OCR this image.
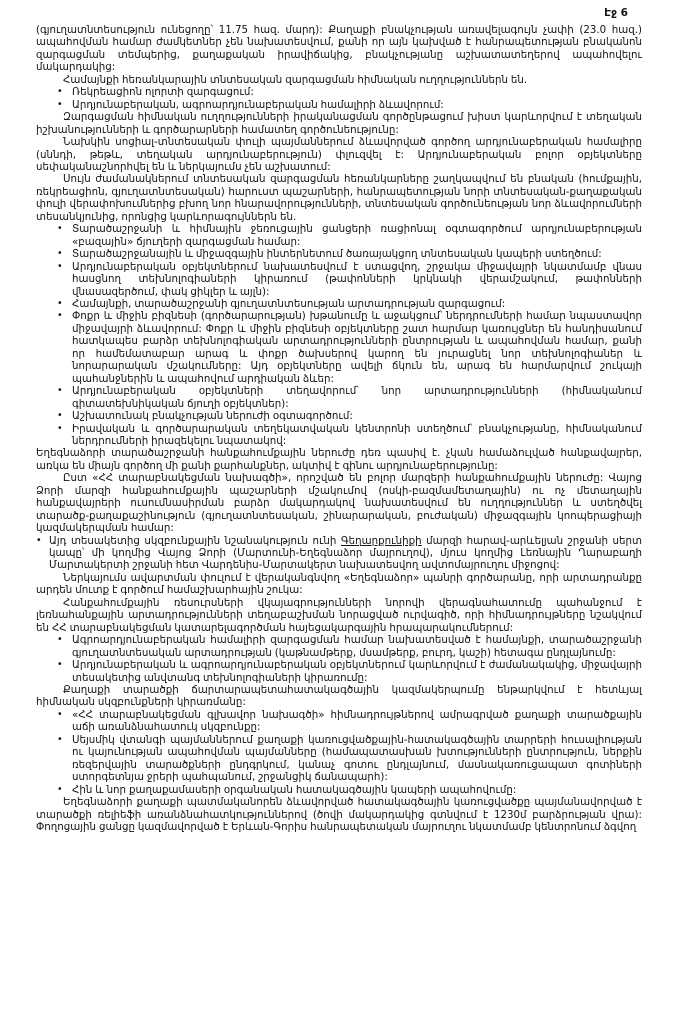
Էջ 6

(գյուղատնտեսություն ունեցողը՝ 11.75 հազ. մարդ): Քաղաքի բնակչության առավելագույն չափի (23.0 հազ.) ապահովման համար ժամկետներ չեն նախատեսվում, քանի որ այն կախված է հանրապետության բնականոն զարգացման տեմպերից, քաղաքական իրավիճակից, բնակչությանը աշխատատեղերով ապահովելու մակարդակից:

Համայնքի հեռանկարային տնտեսական զարգացման հիմնական ուղղություններն են.

• Ռեկրեացիոն ոլորտի զարգացում:
• Արդյունաբերական, ագրոարդյունաբերական համալիրի ձևավորում:

Զարգացման հիմնական ուղղությունների իրականացման գործընթացում խիստ կարևորվում է տեղական իշխանությունների և գործարարների համատեղ գործունեությունը:

Նախկին սոցիալ-տնտեսական փուլի պայմաններում ձևավորված գործող արդյունաբերական համալիրը (սննդի, թեթև, տեղական արդյունաբերություն) փլուզվել է: Արդյունաբերական բոլոր օբյեկտները սեփականաշնորհվել են և ներկայումս չեն աշխատում:

Սույն ժամանակներում տնտեսական զարգացման հեռանկարները շաղկապվում են բնական (հումքային, ռեկրեացիոն, գյուղատնտեսական) հարուստ պաշարների, հանրապետության նորի տնտեսական-քաղաքական փուլի վերափոխումներից բխող նոր հնարավորությունների, տնտեսական գործունեության նոր ձևավորումների տեսանկյունից, որոնցից կարևորագույններն են.

• Տարածաշրջանի և հիմնային ջեռուցային ցանցերի ռացիոնալ օգտագործում արդյունաբերության «բազային» ճյուղերի զարգացման համար:
• Տարածաշրջանային և միջազգային ինտերնետում ծառայակցող տնտեսական կապերի ստեղծում:
• Արդյունաբերական օբյեկտներում նախատեսվում է ստացվող, շրջակա միջավայրի նկատմամբ վնաս հասցնող տեխնոլոգիաների կիրառում (թափոնների կրկնակի վերամշակում, թափոնների վնասազերծում, փակ ցիկլեր և այլն):
• Համայնքի, տարածաշրջանի գյուղատնտեսության արտադրության զարգացում:
• Փոքր և միջին բիզնեսի (գործարարության) խթանումը և աջակցում՝ ներդրումների համար նպաստավոր միջավայրի ձևավորում: Փոքր և միջին բիզնեսի օբյեկտները շատ հարմար կառույցներ են հանդիսանում հատկապես բարձր տեխնոլոգիական արտադրությունների ընտրության և ապահովման համար, քանի որ համեմատաբար արագ և փոքր ծախսերով կարող են յուրացնել նոր տեխնոլոգիաներ և նորարարական մշակումները: Այդ օբյեկտները ավելի ճկուն են, արագ են հարմարվում շուկայի պահանջներին և ապահովում արդիական ձևեր:
• Արդյունաբերական օբյեկտների տեղավորում՝ նոր արտադրությունների (հիմնականում գիտատեխնիկական ճյուղի օբյեկտներ):
• Աշխատունակ բնակչության ներուժի օգտագործում:
• Իրավական և գործարարական տեղեկատվական կենտրոնի ստեղծում՝ բնակչությանը, հիմնականում ներդրումների իրազեկելու նպատակով:

Եղեգնաձորի տարածաշրջանի հանքահումքային ներուժը դեռ պասիվ է. չկան համաձուլված հանքավայրեր, առկա են միայն գործող մի քանի քարհանքներ, ակտիվ է գինու արդյունաբերությունը:

Ըստ «ՀՀ տարաբնակեցման նախագծի», որոշված են բոլոր մարզերի հանքահումքային ներուժը: Վայոց Ձորի մարզի հանքահումքային պաշարների մշակումով (ոսկի-բազմամետաղային) ու ոչ մետաղային հանքավայրերի ուսումնասիրման բարձր մակարդակով նախատեսվում են ուղղություններ և ստեղծվել տարածք-քաղաքաշինություն (գյուղատնտեսական, շինարարական, բուժական) միջազգային կոոպերացիայի կազմակերպման համար:

• Այդ տեսակետից սկզբունքային նշանակություն ունի Գեղարքունիքի մարզի հարավ-արևելյան շրջանի սերտ կապը՝ մի կողմից Վայոց Ձորի (Մարտունի-Եղեգնաձոր մայրուղով), մյուս կողմից Լեռնային Ղարաբաղի Մարտակերտի շրջանի հետ Վարդենիս-Մարտակերտ նախատեսվող ավտոմայրուղու միջոցով:

Ներկայումս ավարտման փուլում է վերականգնվող «Եղեգնաձոր» պանրի գործարանը, որի արտադրանքը արդեն մուտք է գործում համաշխարհային շուկա:

Հանքահումքային ռեսուրսների վկայագրությունների նորովի վերագնահատումը պահանջում է լեռնահանքային արտադրությունների տեղաբաշխման նորացված ուրվագիծ, որի հիմնադրույթները նշակվում են ՀՀ տարաբնակեցման կատարելագործման հայեցակարգային հրապարակումներում:

• Ագրոարդյունաբերական համալիրի զարգացման համար նախատեսված է համայնքի, տարածաշրջանի գյուղատնտեսական արտադրության (կաթնամթերք, մսամթերք, բուրդ, կաշի) հետագա ընդլայնումը:
• Արդյունաբերական և ագրոարդյունաբերական օբյեկտներում կարևորվում է ժամանակակից, միջավայրի տեսակետից անվտանգ տեխնոլոգիաների կիրառումը:

Քաղաքի տարածքի ճարտարապետահատակագծային կազմակերպումը ենթարկվում է հետևյալ հիմնական սկզբունքների կիրառմանը:

• «ՀՀ տարաբնակեցման գլխավոր նախագծի» հիմնադրույթներով ամրագրված քաղաքի տարածքային աճի առանձնահատուկ սկզբունքը:
• Սեյսմիկ վտանգի պայմաններում քաղաքի կառուցվածքային-հատակագծային տարրերի հուսալիության ու կայունության ապահովման պայմանները (համապատասխան խտությունների ընտրություն, ներքին ռեզերվային տարածքների ընդգրկում, կանաչ գոտու ընդլայնում, մասնակառուցապատ գոտիների ստորգետնյա ջրերի պահպանում, շրջանցիկ ճանապարհ):
• Հին և նոր քաղաքամասերի օրգանական հատակագծային կապերի ապահովումը:

Եղեգնաձորի քաղաքի պատմականորեն ձևավորված հատակագծային կառուցվածքը պայմանավորված է տարածքի ռելիեֆի առանձնահատկություններով (ծովի մակարդակից գտնվում է 1230մ բարձրության վրա): Փողոցային ցանցը կազմավորված է Երևան-Գորիս հանրապետական մայրուղու նկատմամբ կենտրոնում ձգվող
